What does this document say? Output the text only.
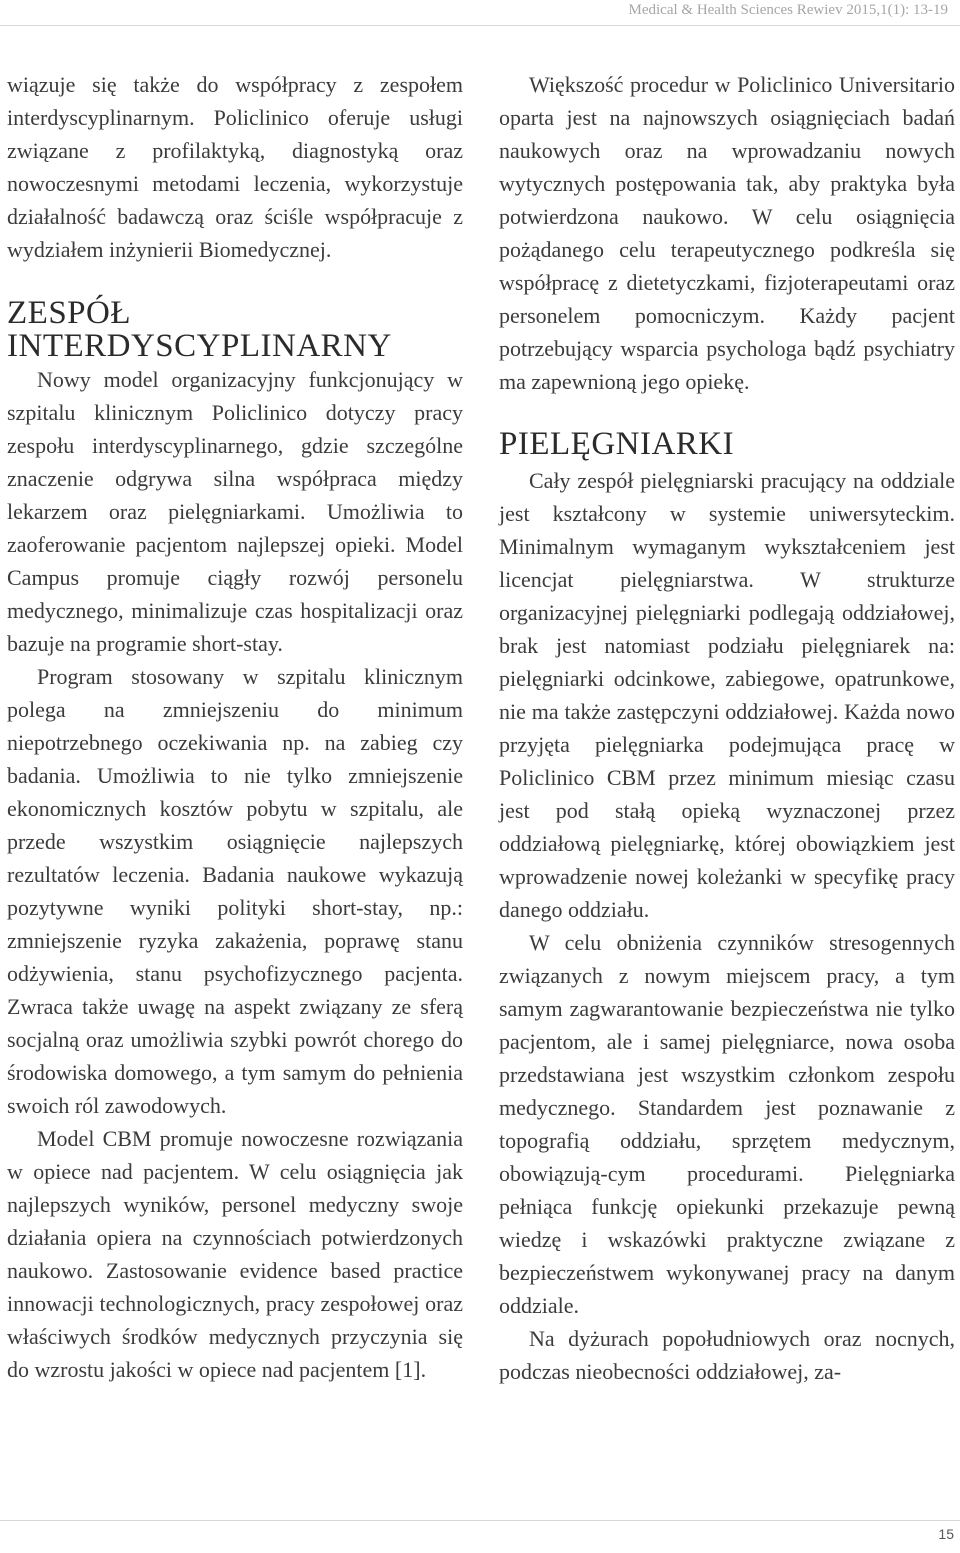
Medical & Health Sciences Rewiev 2015,1(1): 13-19

wiązuje się także do współpracy z zespołem interdyscyplinarnym. Policlinico oferuje usługi związane z profilaktyką, diagnostyką oraz nowoczesnymi metodami leczenia, wykorzystuje działalność badawczą oraz ściśle współpracuje z wydziałem inżynierii Biomedycznej.

ZESPÓŁ
INTERDYSCYPLINARNY

Nowy model organizacyjny funkcjonujący w szpitalu klinicznym Policlinico dotyczy pracy zespołu interdyscyplinarnego, gdzie szczególne znaczenie odgrywa silna współpraca między lekarzem oraz pielęgniarkami. Umożliwia to zaoferowanie pacjentom najlepszej opieki. Model Campus promuje ciągły rozwój personelu medycznego, minimalizuje czas hospitalizacji oraz bazuje na programie short-stay.

Program stosowany w szpitalu klinicznym polega na zmniejszeniu do minimum niepotrzebnego oczekiwania np. na zabieg czy badania. Umożliwia to nie tylko zmniejszenie ekonomicznych kosztów pobytu w szpitalu, ale przede wszystkim osiągnięcie najlepszych rezultatów leczenia. Badania naukowe wykazują pozytywne wyniki polityki short-stay, np.: zmniejszenie ryzyka zakażenia, poprawę stanu odżywienia, stanu psychofizycznego pacjenta. Zwraca także uwagę na aspekt związany ze sferą socjalną oraz umożliwia szybki powrót chorego do środowiska domowego, a tym samym do pełnienia swoich ról zawodowych.

Model CBM promuje nowoczesne rozwiązania w opiece nad pacjentem. W celu osiągnięcia jak najlepszych wyników, personel medyczny swoje działania opiera na czynnościach potwierdzonych naukowo. Zastosowanie evidence based practice innowacji technologicznych, pracy zespołowej oraz właściwych środków medycznych przyczynia się do wzrostu jakości w opiece nad pacjentem [1].

Większość procedur w Policlinico Universitario oparta jest na najnowszych osiągnięciach badań naukowych oraz na wprowadzaniu nowych wytycznych postępowania tak, aby praktyka była potwierdzona naukowo. W celu osiągnięcia pożądanego celu terapeutycznego podkreśla się współpracę z dietetyczkami, fizjoterapeutami oraz personelem pomocniczym. Każdy pacjent potrzebujący wsparcia psychologa bądź psychiatry ma zapewnioną jego opiekę.

PIELĘGNIARKI

Cały zespół pielęgniarski pracujący na oddziale jest kształcony w systemie uniwersyteckim. Minimalnym wymaganym wykształceniem jest licencjat pielęgniarstwa. W strukturze organizacyjnej pielęgniarki podlegają oddziałowej, brak jest natomiast podziału pielęgniarek na: pielęgniarki odcinkowe, zabiegowe, opatrunkowe, nie ma także zastępczyni oddziałowej. Każda nowo przyjęta pielęgniarka podejmująca pracę w Policlinico CBM przez minimum miesiąc czasu jest pod stałą opieką wyznaczonej przez oddziałową pielęgniarkę, której obowiązkiem jest wprowadzenie nowej koleżanki w specyfikę pracy danego oddziału.

W celu obniżenia czynników stresogennych związanych z nowym miejscem pracy, a tym samym zagwarantowanie bezpieczeństwa nie tylko pacjentom, ale i samej pielęgniarce, nowa osoba przedstawiana jest wszystkim członkom zespołu medycznego. Standardem jest poznawanie z topografią oddziału, sprzętem medycznym, obowiązują-cym procedurami. Pielęgniarka pełniąca funkcję opiekunki przekazuje pewną wiedzę i wskazówki praktyczne związane z bezpieczeństwem wykonywanej pracy na danym oddziale.

Na dyżurach popołudniowych oraz nocnych, podczas nieobecności oddziałowej, za-

15
